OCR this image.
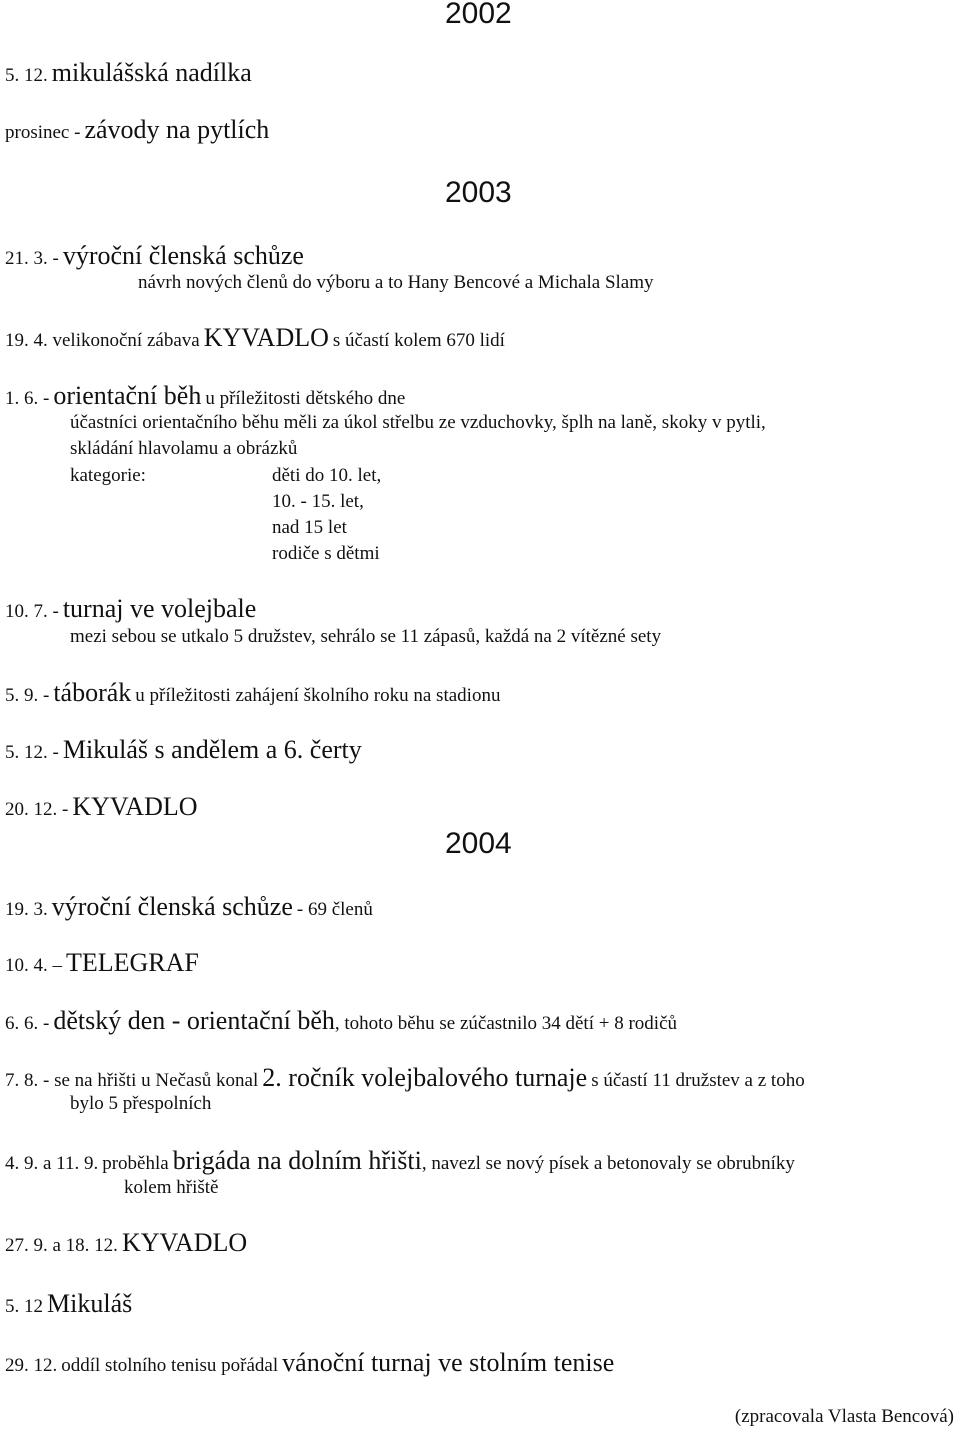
2002
5. 12. mikulášská nadílka
prosinec - závody na pytlích
2003
21. 3. - výroční členská schůze
návrh nových členů do výboru a to Hany Bencové a Michala Slamy
19. 4. velikonoční zábava KYVADLO s účastí kolem 670 lidí
1. 6. - orientační běh u příležitosti dětského dne
účastníci orientačního běhu měli za úkol střelbu ze vzduchovky, šplh na laně, skoky v pytli,
skládání hlavolamu a obrázků
kategorie:	děti do 10. let,
10. - 15. let,
nad 15 let
rodiče s dětmi
10. 7. - turnaj ve volejbale
mezi sebou se utkalo 5 družstev, sehrálo se 11 zápasů, každá na 2 vítězné sety
5. 9. - táborák u příležitosti zahájení školního roku na stadionu
5. 12. - Mikuláš s andělem a 6. čerty
20. 12. - KYVADLO
2004
19. 3. výroční členská schůze - 69 členů
10. 4. – TELEGRAF
6. 6. - dětský den - orientační běh, tohoto běhu se zúčastnilo 34 dětí + 8 rodičů
7. 8. - se na hřišti u Nečasů konal 2. ročník volejbalového turnaje s účastí 11 družstev a z toho
bylo 5 přespolních
4. 9. a 11. 9. proběhla brigáda na dolním hřišti, navezl se nový písek a betonovaly se obrubníky
kolem hřiště
27. 9. a 18. 12. KYVADLO
5. 12 Mikuláš
29. 12. oddíl stolního tenisu pořádal vánoční turnaj ve stolním tenise
(zpracovala Vlasta Bencová)
